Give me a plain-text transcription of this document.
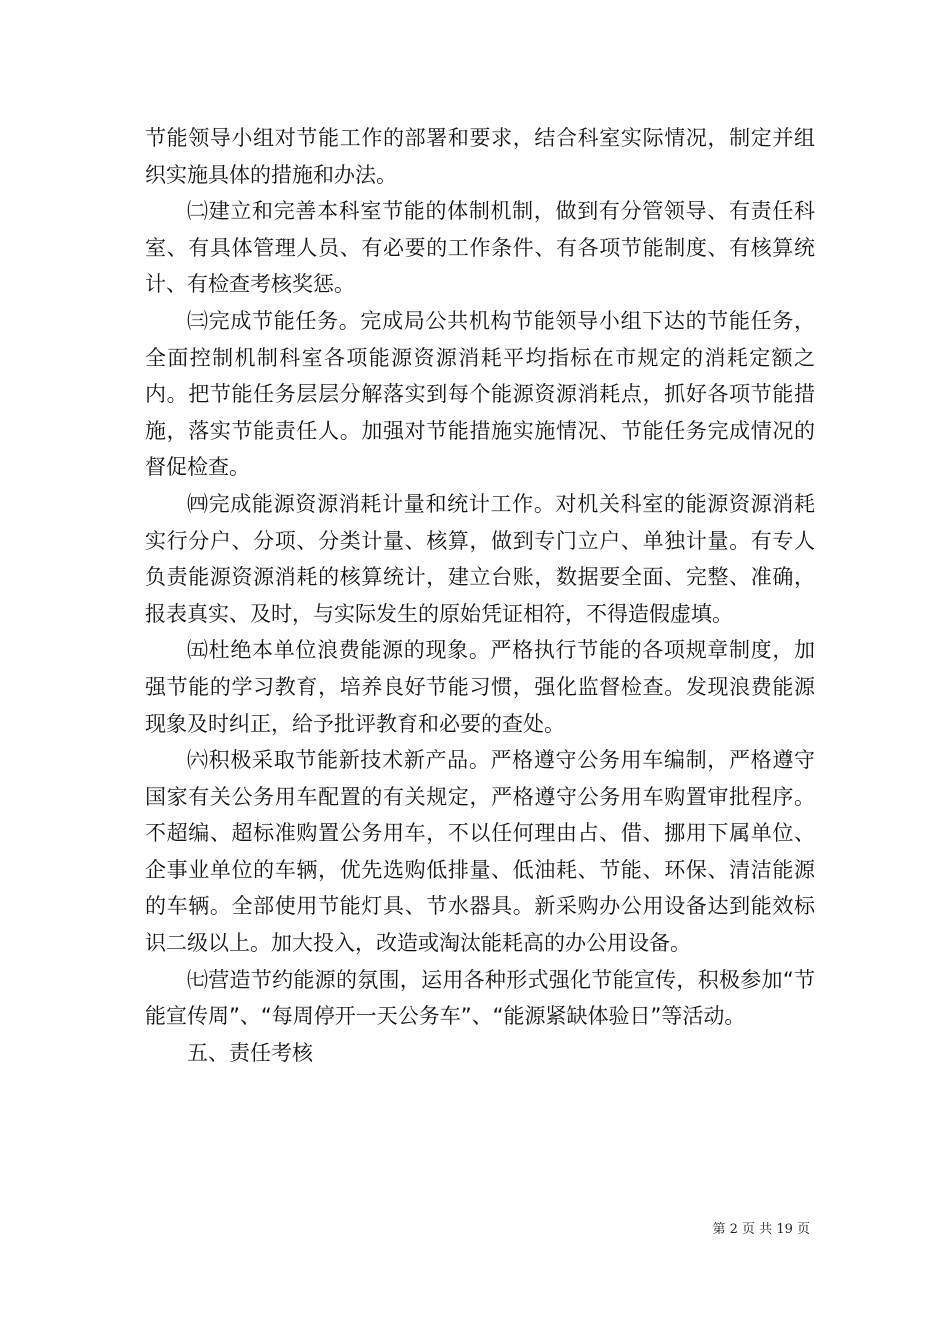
节能领导小组对节能工作的部署和要求，结合科室实际情况，制定并组织实施具体的措施和办法。

㈡建立和完善本科室节能的体制机制，做到有分管领导、有责任科室、有具体管理人员、有必要的工作条件、有各项节能制度、有核算统计、有检查考核奖惩。

㈢完成节能任务。完成局公共机构节能领导小组下达的节能任务，全面控制机制科室各项能源资源消耗平均指标在市规定的消耗定额之内。把节能任务层层分解落实到每个能源资源消耗点，抓好各项节能措施，落实节能责任人。加强对节能措施实施情况、节能任务完成情况的督促检查。

㈣完成能源资源消耗计量和统计工作。对机关科室的能源资源消耗实行分户、分项、分类计量、核算，做到专门立户、单独计量。有专人负责能源资源消耗的核算统计，建立台账，数据要全面、完整、准确，报表真实、及时，与实际发生的原始凭证相符，不得造假虚填。

㈤杜绝本单位浪费能源的现象。严格执行节能的各项规章制度，加强节能的学习教育，培养良好节能习惯，强化监督检查。发现浪费能源现象及时纠正，给予批评教育和必要的查处。

㈥积极采取节能新技术新产品。严格遵守公务用车编制，严格遵守国家有关公务用车配置的有关规定，严格遵守公务用车购置审批程序。不超编、超标准购置公务用车，不以任何理由占、借、挪用下属单位、企事业单位的车辆，优先选购低排量、低油耗、节能、环保、清洁能源的车辆。全部使用节能灯具、节水器具。新采购办公用设备达到能效标识二级以上。加大投入，改造或淘汰能耗高的办公用设备。

㈦营造节约能源的氛围，运用各种形式强化节能宣传，积极参加“节能宣传周”、“每周停开一天公务车”、“能源紧缺体验日”等活动。

五、责任考核

第 2 页 共 19 页
